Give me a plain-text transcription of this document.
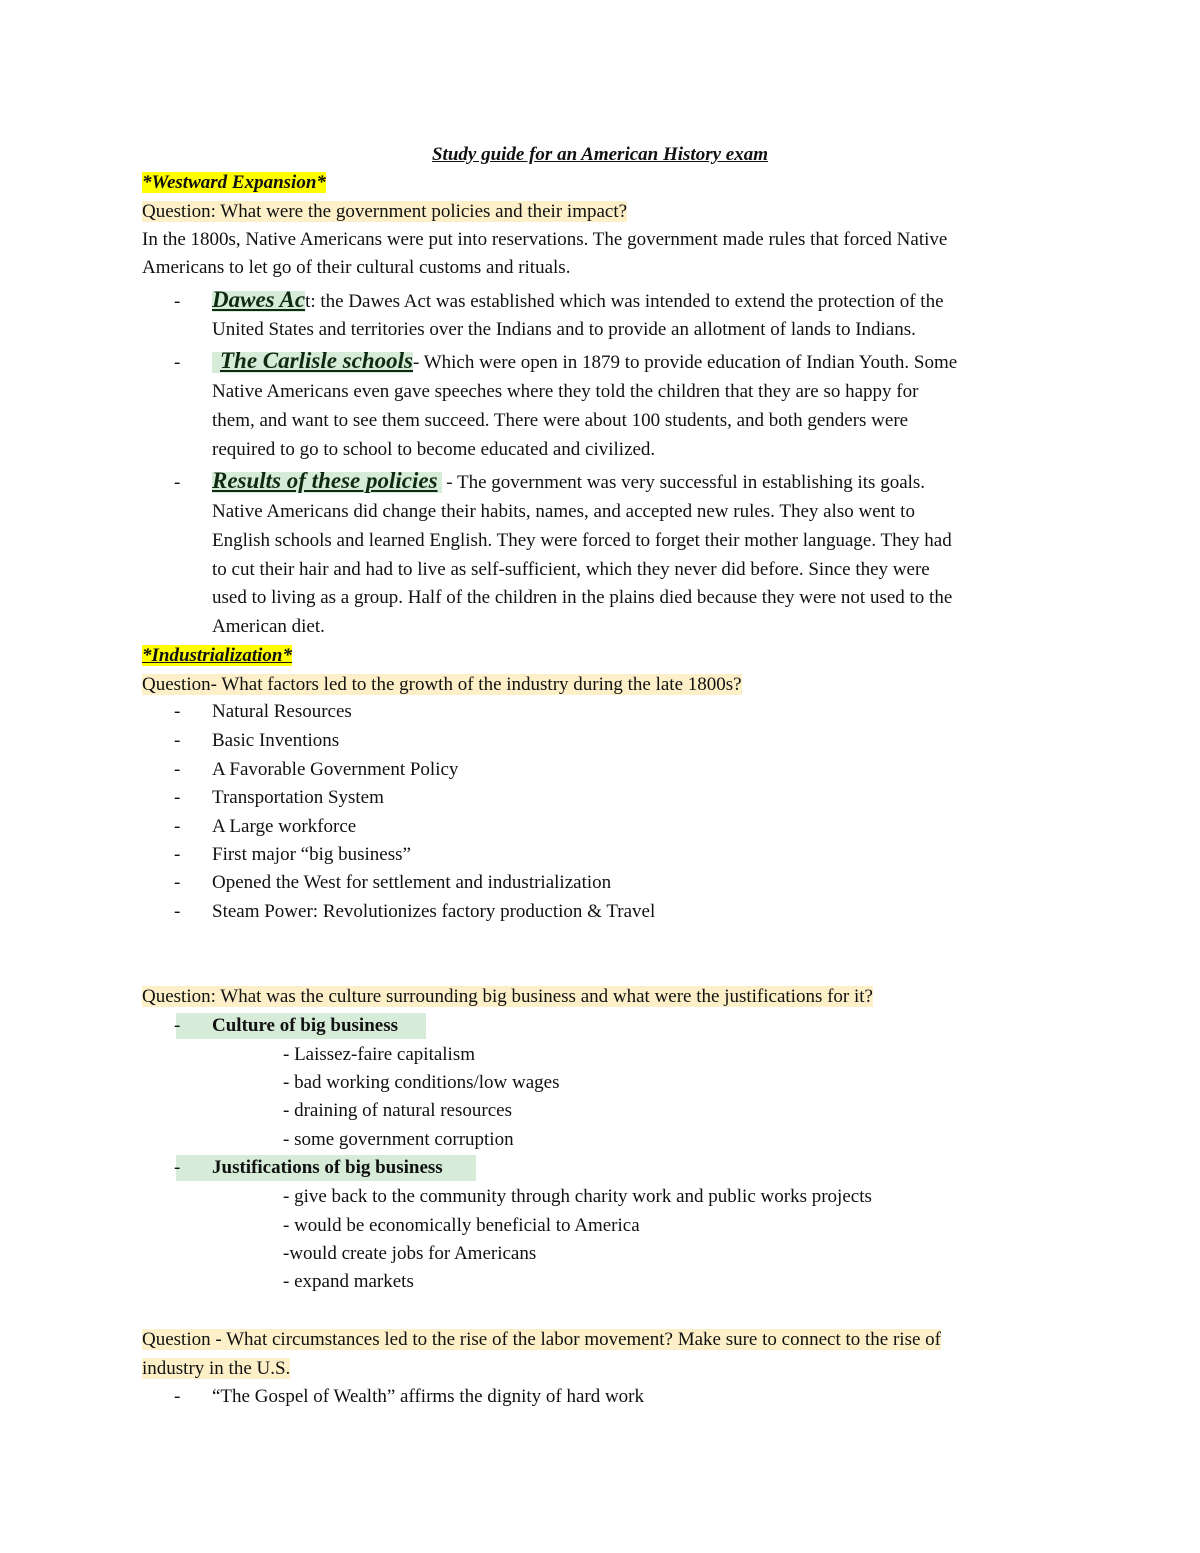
Study guide for an American History exam
*Westward Expansion*
Question: What were the government policies and their impact?
In the 1800s, Native Americans were put into reservations. The government made rules that forced Native
Americans to let go of their cultural customs and rituals.
-	Dawes Act: the Dawes Act was established which was intended to extend the protection of the
United States and territories over the Indians and to provide an allotment of lands to Indians.
-	The Carlisle schools- Which were open in 1879 to provide education of Indian Youth. Some
Native Americans even gave speeches where they told the children that they are so happy for
them, and want to see them succeed. There were about 100 students, and both genders were
required to go to school to become educated and civilized.
-	Results of these policies - The government was very successful in establishing its goals.
Native Americans did change their habits, names, and accepted new rules. They also went to
English schools and learned English. They were forced to forget their mother language. They had
to cut their hair and had to live as self-sufficient, which they never did before. Since they were
used to living as a group. Half of the children in the plains died because they were not used to the
American diet.
*Industrialization*
Question- What factors led to the growth of the industry during the late 1800s?
-	Natural Resources
-	Basic Inventions
-	A Favorable Government Policy
-	Transportation System
-	A Large workforce
-	First major “big business”
-	Opened the West for settlement and industrialization
-	Steam Power: Revolutionizes factory production & Travel
Question: What was the culture surrounding big business and what were the justifications for it?
-	Culture of big business
- Laissez-faire capitalism
- bad working conditions/low wages
- draining of natural resources
- some government corruption
-	Justifications of big business
- give back to the community through charity work and public works projects
- would be economically beneficial to America
-would create jobs for Americans
- expand markets
Question - What circumstances led to the rise of the labor movement? Make sure to connect to the rise of
industry in the U.S.
-	“The Gospel of Wealth” affirms the dignity of hard work
